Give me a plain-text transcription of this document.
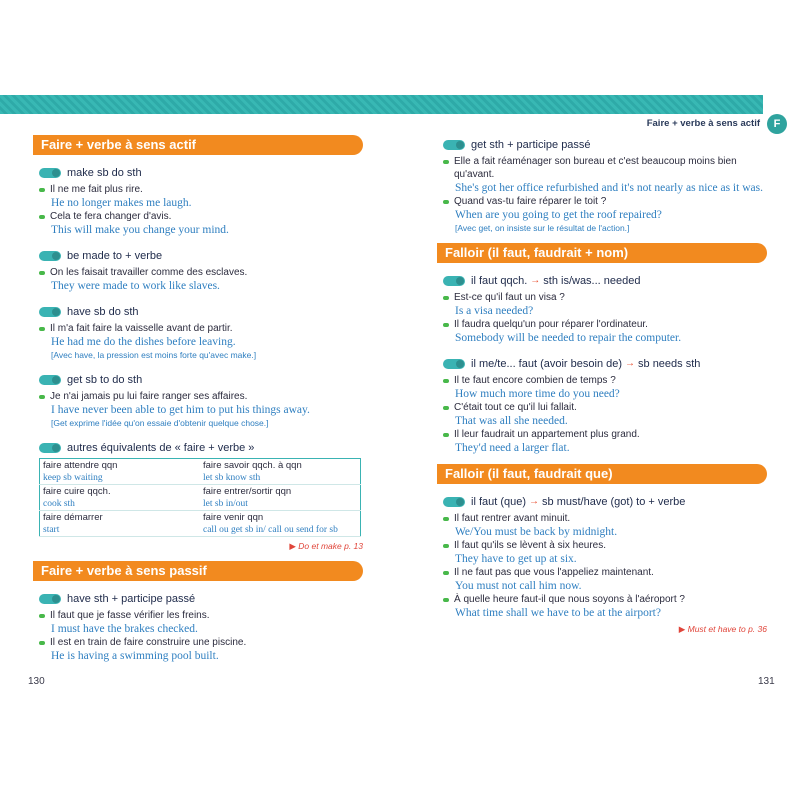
Faire + verbe à sens actif	F
Faire + verbe à sens actif
make sb do sth
Il ne me fait plus rire.
He no longer makes me laugh.
Cela te fera changer d'avis.
This will make you change your mind.
be made to + verbe
On les faisait travailler comme des esclaves.
They were made to work like slaves.
have sb do sth
Il m'a fait faire la vaisselle avant de partir.
He had me do the dishes before leaving.
[Avec have, la pression est moins forte qu'avec make.]
get sb to do sth
Je n'ai jamais pu lui faire ranger ses affaires.
I have never been able to get him to put his things away.
[Get exprime l'idée qu'on essaie d'obtenir quelque chose.]
autres équivalents de « faire + verbe »
faire attendre qqn	faire savoir qqch. à qqn
keep sb waiting	let sb know sth
faire cuire qqch.	faire entrer/sortir qqn
cook sth	let sb in/out
faire démarrer	faire venir qqn
start	call ou get sb in/ call ou send for sb
▶ Do et make p. 13
Faire + verbe à sens passif
have sth + participe passé
Il faut que je fasse vérifier les freins.
I must have the brakes checked.
Il est en train de faire construire une piscine.
He is having a swimming pool built.
get sth + participe passé
Elle a fait réaménager son bureau et c'est beaucoup moins bien qu'avant.
She's got her office refurbished and it's not nearly as nice as it was.
Quand vas-tu faire réparer le toit ?
When are you going to get the roof repaired?
[Avec get, on insiste sur le résultat de l'action.]
Falloir (il faut, faudrait + nom)
il faut qqch. → sth is/was... needed
Est-ce qu'il faut un visa ?
Is a visa needed?
Il faudra quelqu'un pour réparer l'ordinateur.
Somebody will be needed to repair the computer.
il me/te... faut (avoir besoin de) → sb needs sth
Il te faut encore combien de temps ?
How much more time do you need?
C'était tout ce qu'il lui fallait.
That was all she needed.
Il leur faudrait un appartement plus grand.
They'd need a larger flat.
Falloir (il faut, faudrait que)
il faut (que) → sb must/have (got) to + verbe
Il faut rentrer avant minuit.
We/You must be back by midnight.
Il faut qu'ils se lèvent à six heures.
They have to get up at six.
Il ne faut pas que vous l'appeliez maintenant.
You must not call him now.
À quelle heure faut-il que nous soyons à l'aéroport ?
What time shall we have to be at the airport?
▶ Must et have to p. 36
130	131
